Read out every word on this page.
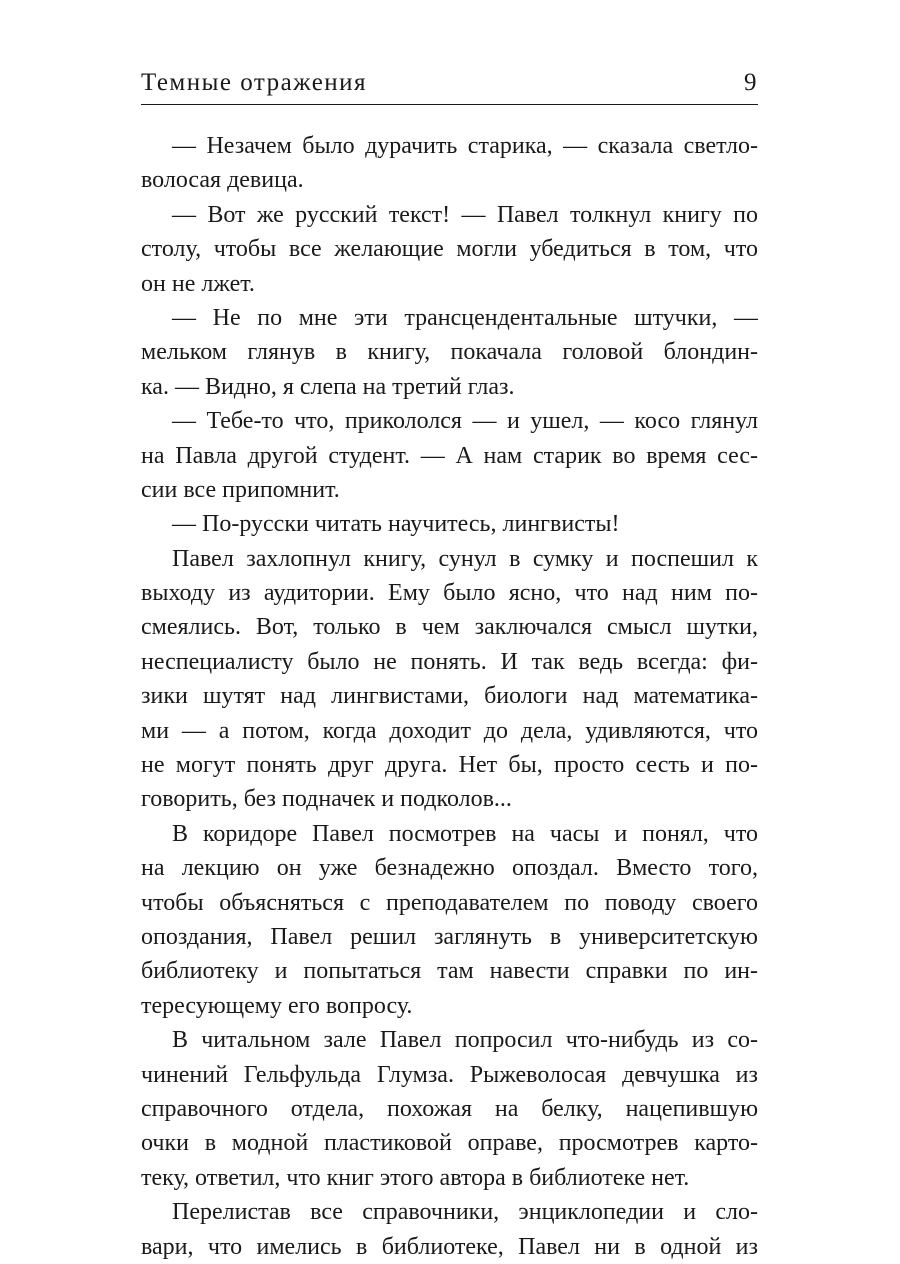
Темные отражения	9
— Незачем было дурачить старика, — сказала светло-
волосая девица.
— Вот же русский текст! — Павел толкнул книгу по
столу, чтобы все желающие могли убедиться в том, что
он не лжет.
— Не по мне эти трансцендентальные штучки, —
мельком глянув в книгу, покачала головой блондин-
ка. — Видно, я слепа на третий глаз.
— Тебе-то что, прикололся — и ушел, — косо глянул
на Павла другой студент. — А нам старик во время сес-
сии все припомнит.
— По-русски читать научитесь, лингвисты!
Павел захлопнул книгу, сунул в сумку и поспешил к
выходу из аудитории. Ему было ясно, что над ним по-
смеялись. Вот, только в чем заключался смысл шутки,
неспециалисту было не понять. И так ведь всегда: фи-
зики шутят над лингвистами, биологи над математика-
ми — а потом, когда доходит до дела, удивляются, что
не могут понять друг друга. Нет бы, просто сесть и по-
говорить, без подначек и подколов...
В коридоре Павел посмотрев на часы и понял, что
на лекцию он уже безнадежно опоздал. Вместо того,
чтобы объясняться с преподавателем по поводу своего
опоздания, Павел решил заглянуть в университетскую
библиотеку и попытаться там навести справки по ин-
тересующему его вопросу.
В читальном зале Павел попросил что-нибудь из со-
чинений Гельфульда Глумза. Рыжеволосая девчушка из
справочного отдела, похожая на белку, нацепившую
очки в модной пластиковой оправе, просмотрев карто-
теку, ответил, что книг этого автора в библиотеке нет.
Перелистав все справочники, энциклопедии и сло-
вари, что имелись в библиотеке, Павел ни в одной из
